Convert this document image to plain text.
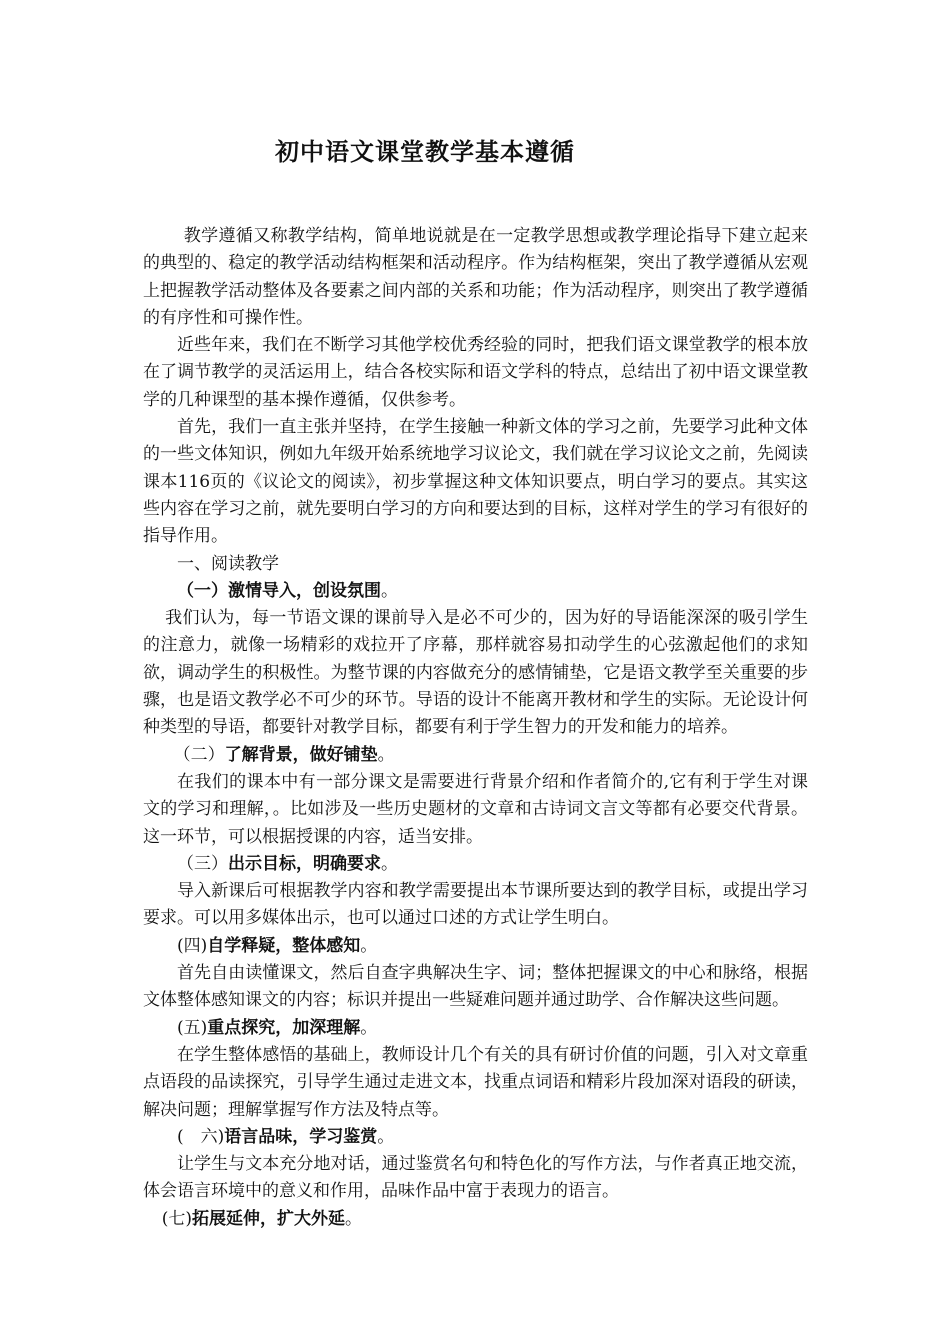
初中语文课堂教学基本遵循

教学遵循又称教学结构，简单地说就是在一定教学思想或教学理论指导下建立起来的典型的、稳定的教学活动结构框架和活动程序。作为结构框架，突出了教学遵循从宏观上把握教学活动整体及各要素之间内部的关系和功能；作为活动程序，则突出了教学遵循的有序性和可操作性。

近些年来，我们在不断学习其他学校优秀经验的同时，把我们语文课堂教学的根本放在了调节教学的灵活运用上，结合各校实际和语文学科的特点，总结出了初中语文课堂教学的几种课型的基本操作遵循，仅供参考。

首先，我们一直主张并坚持，在学生接触一种新文体的学习之前，先要学习此种文体的一些文体知识，例如九年级开始系统地学习议论文，我们就在学习议论文之前，先阅读课本116页的《议论文的阅读》，初步掌握这种文体知识要点，明白学习的要点。其实这些内容在学习之前，就先要明白学习的方向和要达到的目标，这样对学生的学习有很好的指导作用。

一、阅读教学

（一）激情导入，创设氛围。

我们认为，每一节语文课的课前导入是必不可少的，因为好的导语能深深的吸引学生的注意力，就像一场精彩的戏拉开了序幕，那样就容易扣动学生的心弦激起他们的求知欲，调动学生的积极性。为整节课的内容做充分的感情铺垫，它是语文教学至关重要的步骤，也是语文教学必不可少的环节。导语的设计不能离开教材和学生的实际。无论设计何种类型的导语，都要针对教学目标，都要有利于学生智力的开发和能力的培养。

（二）了解背景，做好铺垫。

在我们的课本中有一部分课文是需要进行背景介绍和作者简介的,它有利于学生对课文的学习和理解，。比如涉及一些历史题材的文章和古诗词文言文等都有必要交代背景。这一环节，可以根据授课的内容，适当安排。

（三）出示目标，明确要求。

导入新课后可根据教学内容和教学需要提出本节课所要达到的教学目标，或提出学习要求。可以用多媒体出示，也可以通过口述的方式让学生明白。

(四)自学释疑，整体感知。

首先自由读懂课文，然后自查字典解决生字、词；整体把握课文的中心和脉络，根据文体整体感知课文的内容；标识并提出一些疑难问题并通过助学、合作解决这些问题。

(五)重点探究，加深理解。

在学生整体感悟的基础上，教师设计几个有关的具有研讨价值的问题，引入对文章重点语段的品读探究，引导学生通过走进文本，找重点词语和精彩片段加深对语段的研读，解决问题；理解掌握写作方法及特点等。

(　六)语言品味，学习鉴赏。

让学生与文本充分地对话，通过鉴赏名句和特色化的写作方法，与作者真正地交流，体会语言环境中的意义和作用，品味作品中富于表现力的语言。

(七)拓展延伸，扩大外延。
